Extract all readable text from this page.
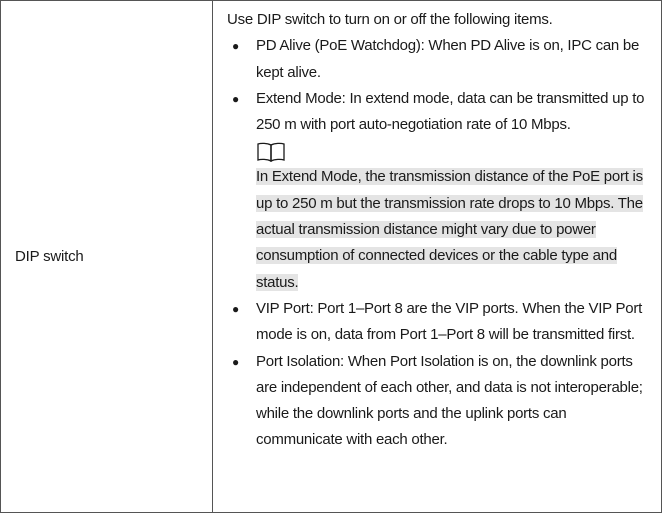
DIP switch

Use DIP switch to turn on or off the following items.

● PD Alive (PoE Watchdog): When PD Alive is on, IPC can be kept alive.
● Extend Mode: In extend mode, data can be transmitted up to 250 m with port auto-negotiation rate of 10 Mbps.
In Extend Mode, the transmission distance of the PoE port is up to 250 m but the transmission rate drops to 10 Mbps. The actual transmission distance might vary due to power consumption of connected devices or the cable type and status.
● VIP Port: Port 1–Port 8 are the VIP ports. When the VIP Port mode is on, data from Port 1–Port 8 will be transmitted first.
● Port Isolation: When Port Isolation is on, the downlink ports are independent of each other, and data is not interoperable; while the downlink ports and the uplink ports can communicate with each other.
